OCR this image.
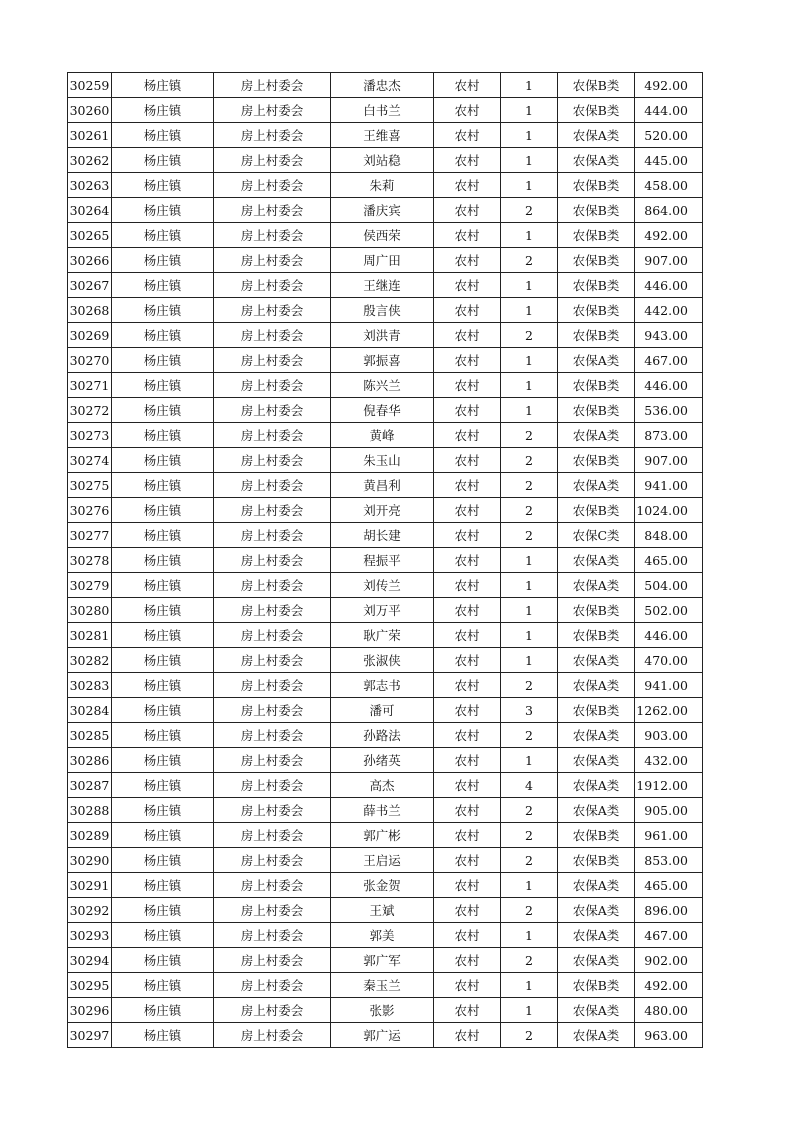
30259	杨庄镇	房上村委会	潘忠杰	农村	1	农保B类	492.00
30260	杨庄镇	房上村委会	白书兰	农村	1	农保B类	444.00
30261	杨庄镇	房上村委会	王维喜	农村	1	农保A类	520.00
30262	杨庄镇	房上村委会	刘站稳	农村	1	农保A类	445.00
30263	杨庄镇	房上村委会	朱莉	农村	1	农保B类	458.00
30264	杨庄镇	房上村委会	潘庆宾	农村	2	农保B类	864.00
30265	杨庄镇	房上村委会	侯西荣	农村	1	农保B类	492.00
30266	杨庄镇	房上村委会	周广田	农村	2	农保B类	907.00
30267	杨庄镇	房上村委会	王继连	农村	1	农保B类	446.00
30268	杨庄镇	房上村委会	殷言侠	农村	1	农保B类	442.00
30269	杨庄镇	房上村委会	刘洪青	农村	2	农保B类	943.00
30270	杨庄镇	房上村委会	郭振喜	农村	1	农保A类	467.00
30271	杨庄镇	房上村委会	陈兴兰	农村	1	农保B类	446.00
30272	杨庄镇	房上村委会	倪春华	农村	1	农保B类	536.00
30273	杨庄镇	房上村委会	黄峰	农村	2	农保A类	873.00
30274	杨庄镇	房上村委会	朱玉山	农村	2	农保B类	907.00
30275	杨庄镇	房上村委会	黄昌利	农村	2	农保A类	941.00
30276	杨庄镇	房上村委会	刘开亮	农村	2	农保B类	1024.00
30277	杨庄镇	房上村委会	胡长建	农村	2	农保C类	848.00
30278	杨庄镇	房上村委会	程振平	农村	1	农保A类	465.00
30279	杨庄镇	房上村委会	刘传兰	农村	1	农保A类	504.00
30280	杨庄镇	房上村委会	刘万平	农村	1	农保B类	502.00
30281	杨庄镇	房上村委会	耿广荣	农村	1	农保B类	446.00
30282	杨庄镇	房上村委会	张淑侠	农村	1	农保A类	470.00
30283	杨庄镇	房上村委会	郭志书	农村	2	农保A类	941.00
30284	杨庄镇	房上村委会	潘可	农村	3	农保B类	1262.00
30285	杨庄镇	房上村委会	孙路法	农村	2	农保A类	903.00
30286	杨庄镇	房上村委会	孙绪英	农村	1	农保A类	432.00
30287	杨庄镇	房上村委会	高杰	农村	4	农保A类	1912.00
30288	杨庄镇	房上村委会	薛书兰	农村	2	农保A类	905.00
30289	杨庄镇	房上村委会	郭广彬	农村	2	农保B类	961.00
30290	杨庄镇	房上村委会	王启运	农村	2	农保B类	853.00
30291	杨庄镇	房上村委会	张金贺	农村	1	农保A类	465.00
30292	杨庄镇	房上村委会	王斌	农村	2	农保A类	896.00
30293	杨庄镇	房上村委会	郭美	农村	1	农保A类	467.00
30294	杨庄镇	房上村委会	郭广军	农村	2	农保A类	902.00
30295	杨庄镇	房上村委会	秦玉兰	农村	1	农保B类	492.00
30296	杨庄镇	房上村委会	张影	农村	1	农保A类	480.00
30297	杨庄镇	房上村委会	郭广运	农村	2	农保A类	963.00
